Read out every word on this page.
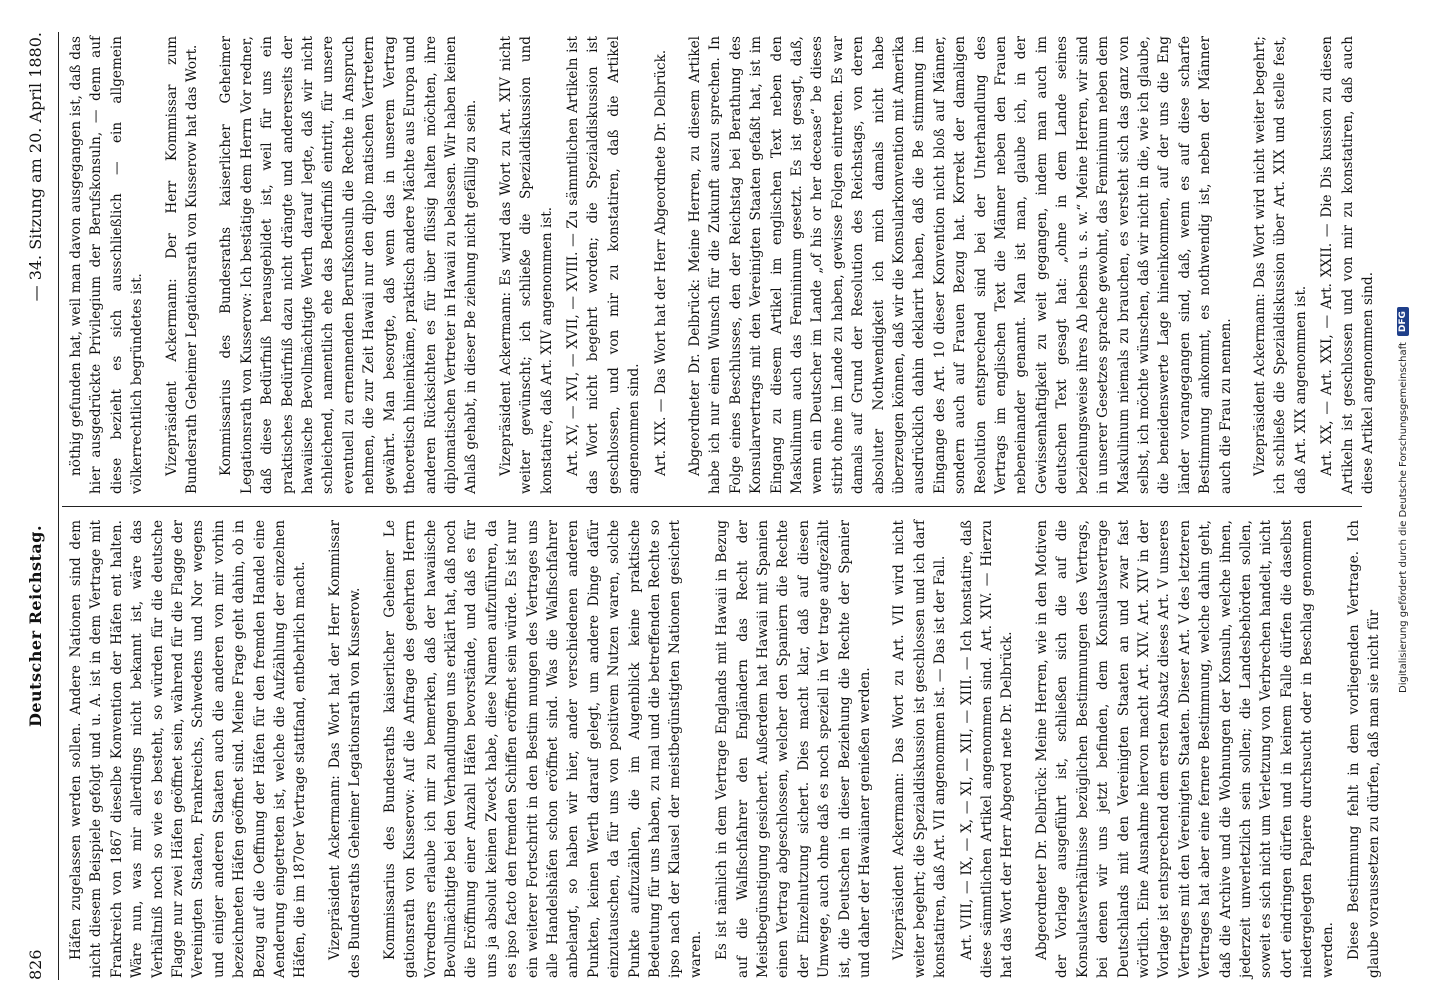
826
Deutscher Reichstag.
— 34. Sitzung am 20. April 1880.

Häfen zugelassen werden sollen. Andere Nationen sind dem nicht diesem Beispiele gefolgt und u. A. ist in dem Vertrage mit Frankreich von 1867 dieselbe Konvention der Häfen ent halten. Wäre nun, was mir allerdings nicht bekannt ist, wäre das Verhältniß noch so wie es besteht, so würden für die deutsche Flagge nur zwei Häfen geöffnet sein, während für die Flagge der Vereinigten Staaten, Frankreichs, Schwedens und Nor wegens und einiger anderen Staaten auch die anderen von mir vorhin bezeichneten Häfen geöffnet sind. Meine Frage geht dahin, ob in Bezug auf die Oeffnung der Häfen für den fremden Handel eine Aenderung eingetreten ist, welche die Aufzählung der einzelnen Häfen, die im 1870er Vertrage stattfand, entbehrlich macht. Vizepräsident Ackermann: Das Wort hat der Herr Kommissar des Bundesraths Geheimer Legationsrath von Kusserow. Kommissarius des Bundesraths kaiserlicher Geheimer Le gationsrath von Kusserow: Auf die Anfrage des geehrten Herrn Vorredners erlaube ich mir zu bemerken, daß der hawaiische Bevollmächtigte bei den Verhandlungen uns erklärt hat, daß noch die Eröffnung einer Anzahl Häfen bevorstände, und daß es für uns ja absolut keinen Zweck habe, diese Namen aufzuführen, da es ipso facto den fremden Schiffen eröffnet sein würde. Es ist nur ein weiterer Fortschritt in den Bestim mungen des Vertrages uns alle Handelshäfen schon eröffnet sind. Was die Walfischfahrer anbelangt, so haben wir hier, ander verschiedenen anderen Punkten, keinen Werth darauf gelegt, um andere Dinge dafür einzutauschen, da für uns von positivem Nutzen waren, solche Punkte aufzuzählen, die im Augenblick keine praktische Bedeutung für uns haben, zu mal und die betreffenden Rechte so ipso nach der Klausel der meistbegünstigten Nationen gesichert waren. Es ist nämlich in dem Vertrage Englands mit Hawaii in Bezug auf die Walfischfahrer den Engländern das Recht der Meistbegünstigung gesichert. Außerdem hat Hawaii mit Spanien einen Vertrag abgeschlossen, welcher den Spaniern die Rechte der Einzelnutzung sichert. Dies macht klar, daß auf diesen Umwege, auch ohne daß es noch speziell in Ver trage aufgezählt ist, die Deutschen in dieser Beziehung die Rechte der Spanier und daher der Hawaiianer genießen werden. Vizepräsident Ackermann: Das Wort zu Art. VII wird nicht weiter begehrt; die Spezialdiskussion ist geschlossen und ich darf konstatiren, daß Art. VII angenommen ist. — Das ist der Fall. Art. VIII, — IX, — X, — XI, — XII, — XIII. — Ich konstatire, daß diese sämmtlichen Artikel angenommen sind. Art. XIV. — Hierzu hat das Wort der Herr Abgeord nete Dr. Delbrück. Abgeordneter Dr. Delbrück: Meine Herren, wie in den Motiven der Vorlage ausgeführt ist, schließen sich die auf die Konsulatsverhältnisse bezüglichen Bestimmungen des Vertrags, bei denen wir uns jetzt befinden, dem Konsulatsvertrage Deutschlands mit den Vereinigten Staaten an und zwar fast wörtlich. Eine Ausnahme hiervon macht Art. XIV. Art. XIV in der Vorlage ist entsprechend dem ersten Absatz dieses Art. V unseres Vertrages mit den Vereinigten Staaten. Dieser Art. V des letzteren Vertrages hat aber eine fernere Bestimmung, welche dahin geht, daß die Archive und die Wohnungen der Konsuln, welche ihnen, jederzeit unverletzlich sein sollen; die Landesbehörden sollen, soweit es sich nicht um Verletzung von Verbrechen handelt, nicht dort eindringen dürfen und in keinem Falle dürfen die daselbst niedergelegten Papiere durchsucht oder in Beschlag genommen werden. Diese Bestimmung fehlt in dem vorliegenden Vertrage. Ich glaube voraussetzen zu dürfen, daß man sie nicht für

nöthig gefunden hat, weil man davon ausgegangen ist, daß das hier ausgedrückte Privilegium der Berufskonsuln, — denn auf diese bezieht es sich ausschließlich — ein allgemein völkerrechtlich begründetes ist. Vizepräsident Ackermann: Der Herr Kommissar zum Bundesrath Geheimer Legationsrath von Kusserow hat das Wort. Kommissarius des Bundesraths kaiserlicher Geheimer Legationsrath von Kusserow: Ich bestätige dem Herrn Vor redner, daß diese Bedürfniß herausgebildet ist, weil für uns ein praktisches Bedürfniß dazu nicht drängte und andererseits der hawaiische Bevollmächtigte Werth darauf legte, daß wir nicht schleichend, namentlich ehe das Bedürfniß eintritt, für unsere eventuell zu ernennenden Berufskonsuln die Rechte in Anspruch nehmen, die zur Zeit Hawaii nur den diplo matischen Vertretern gewährt. Man besorgte, daß wenn das in unserem Vertrag theoretisch hineinkäme, praktisch andere Mächte aus Europa und anderen Rücksichten es für über flüssig halten möchten, ihre diplomatischen Vertreter in Hawaii zu belassen. Wir haben keinen Anlaß gehabt, in dieser Be ziehung nicht gefällig zu sein. Vizepräsident Ackermann: Es wird das Wort zu Art. XIV nicht weiter gewünscht; ich schließe die Spezialdiskussion und konstatire, daß Art. XIV angenommen ist. Art. XV, — XVI, — XVII, — XVIII. — Zu sämmtlichen Artikeln ist das Wort nicht begehrt worden; die Spezialdiskussion ist geschlossen, und von mir zu konstatiren, daß die Artikel angenommen sind. Art. XIX. — Das Wort hat der Herr Abgeordnete Dr. Delbrück. Abgeordneter Dr. Delbrück: Meine Herren, zu diesem Artikel habe ich nur einen Wunsch für die Zukunft auszu sprechen. In Folge eines Beschlusses, den der Reichstag bei Berathung des Konsularvertrags mit den Vereinigten Staaten gefaßt hat, ist im Eingang zu diesem Artikel im englischen Text neben den Maskulinum auch das Femininum gesetzt. Es ist gesagt, daß, wenn ein Deutscher im Lande „of his or her decease“ be dieses stirbt ohne im Lande zu haben, gewisse Folgen eintreten. Es war damals auf Grund der Resolution des Reichstags, von deren absoluter Nothwendigkeit ich mich damals nicht habe überzeugen können, daß wir die Konsularkonvention mit Amerika ausdrücklich dahin deklarirt haben, daß die Be stimmung im Eingange des Art. 10 dieser Konvention nicht bloß auf Männer, sondern auch auf Frauen Bezug hat. Korrekt der damaligen Resolution entsprechend sind bei der Unterhandlung des Vertrags im englischen Text die Männer neben den Frauen nebeneinander genannt. Man ist man, glaube ich, in der Gewissenhaftigkeit zu weit gegangen, indem man auch im deutschen Text gesagt hat: „ohne in dem Lande seines beziehungsweise ihres Ab lebens u. s. w.“ Meine Herren, wir sind in unserer Gesetzes sprache gewohnt, das Femininum neben dem Maskulinum niemals zu brauchen, es versteht sich das ganz von selbst, ich möchte wünschen, daß wir nicht in die, wie ich glaube, die beneidenswerte Lage hineinkommen, auf der uns die Eng länder vorangegangen sind, daß, wenn es auf diese scharfe Bestimmung ankommt, es nothwendig ist, neben der Männer auch die Frau zu nennen. Vizepräsident Ackermann: Das Wort wird nicht weiter begehrt; ich schließe die Spezialdiskussion über Art. XIX und stelle fest, daß Art. XIX angenommen ist. Art. XX, — Art. XXI, — Art. XXII. — Die Dis kussion zu diesen Artikeln ist geschlossen und von mir zu konstatiren, daß auch diese Artikel angenommen sind. Digitalisierung gefördert durch die Deutsche Forschungsgemeinschaft
DFG
